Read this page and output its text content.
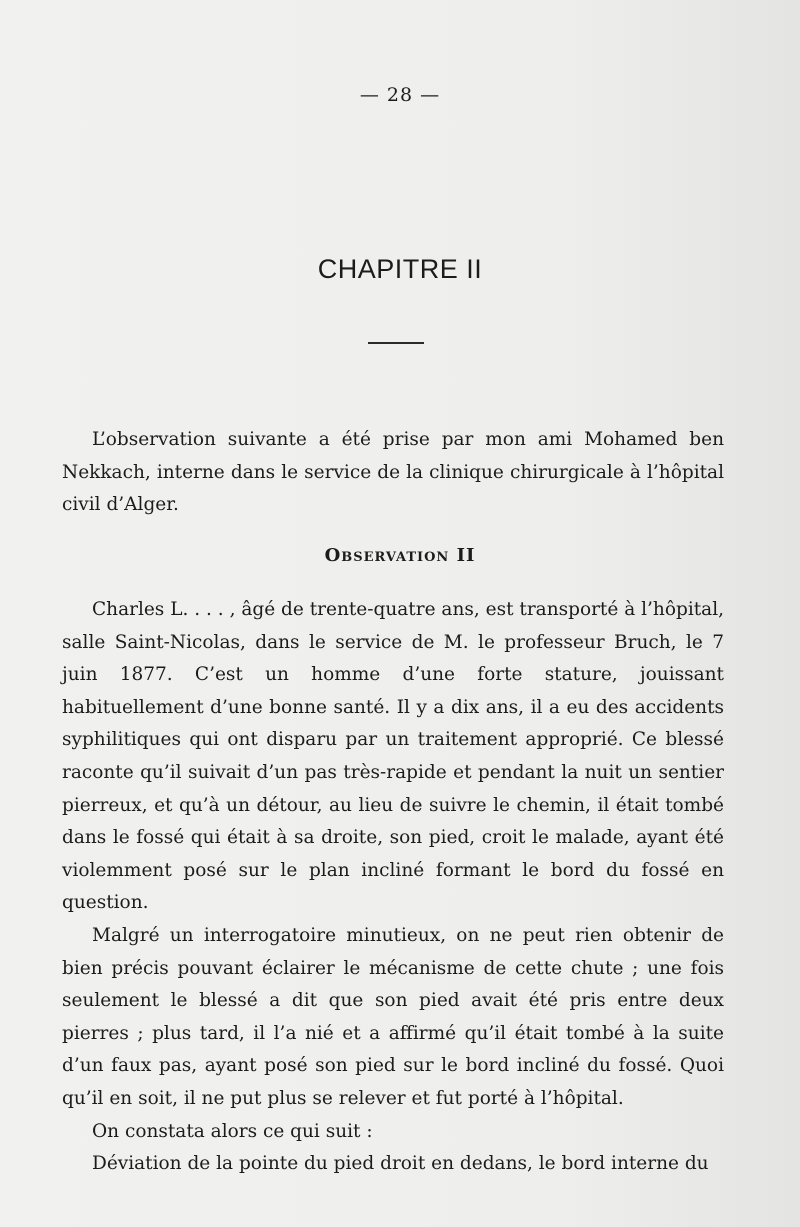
— 28 —
CHAPITRE II

L’observation suivante a été prise par mon ami Mohamed ben Nekkach, interne dans le service de la clinique chirurgicale à l’hôpital civil d’Alger.

Observation II

Charles L. . . . , âgé de trente-quatre ans, est transporté à l’hôpital, salle Saint-Nicolas, dans le service de M. le professeur Bruch, le 7 juin 1877. C’est un homme d’une forte stature, jouissant habituellement d’une bonne santé. Il y a dix ans, il a eu des accidents syphilitiques qui ont disparu par un traitement approprié. Ce blessé raconte qu’il suivait d’un pas très-rapide et pendant la nuit un sentier pierreux, et qu’à un détour, au lieu de suivre le chemin, il était tombé dans le fossé qui était à sa droite, son pied, croit le malade, ayant été violemment posé sur le plan incliné formant le bord du fossé en question.

Malgré un interrogatoire minutieux, on ne peut rien obtenir de bien précis pouvant éclairer le mécanisme de cette chute ; une fois seulement le blessé a dit que son pied avait été pris entre deux pierres ; plus tard, il l’a nié et a affirmé qu’il était tombé à la suite d’un faux pas, ayant posé son pied sur le bord incliné du fossé. Quoi qu’il en soit, il ne put plus se relever et fut porté à l’hôpital.

On constata alors ce qui suit :

Déviation de la pointe du pied droit en dedans, le bord interne du
